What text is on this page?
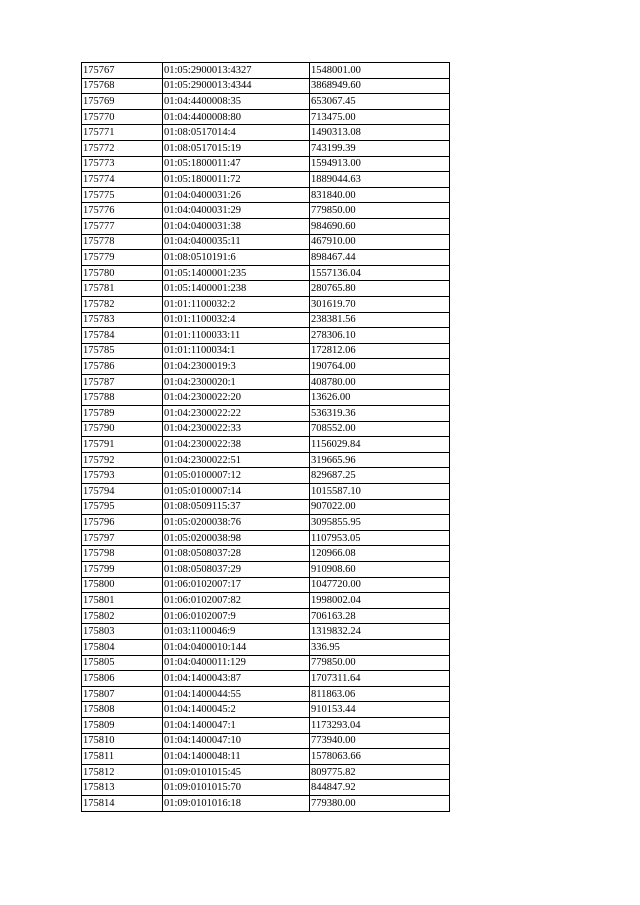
175767	01:05:2900013:4327	1548001.00
175768	01:05:2900013:4344	3868949.60
175769	01:04:4400008:35	653067.45
175770	01:04:4400008:80	713475.00
175771	01:08:0517014:4	1490313.08
175772	01:08:0517015:19	743199.39
175773	01:05:1800011:47	1594913.00
175774	01:05:1800011:72	1889044.63
175775	01:04:0400031:26	831840.00
175776	01:04:0400031:29	779850.00
175777	01:04:0400031:38	984690.60
175778	01:04:0400035:11	467910.00
175779	01:08:0510191:6	898467.44
175780	01:05:1400001:235	1557136.04
175781	01:05:1400001:238	280765.80
175782	01:01:1100032:2	301619.70
175783	01:01:1100032:4	238381.56
175784	01:01:1100033:11	278306.10
175785	01:01:1100034:1	172812.06
175786	01:04:2300019:3	190764.00
175787	01:04:2300020:1	408780.00
175788	01:04:2300022:20	13626.00
175789	01:04:2300022:22	536319.36
175790	01:04:2300022:33	708552.00
175791	01:04:2300022:38	1156029.84
175792	01:04:2300022:51	319665.96
175793	01:05:0100007:12	829687.25
175794	01:05:0100007:14	1015587.10
175795	01:08:0509115:37	907022.00
175796	01:05:0200038:76	3095855.95
175797	01:05:0200038:98	1107953.05
175798	01:08:0508037:28	120966.08
175799	01:08:0508037:29	910908.60
175800	01:06:0102007:17	1047720.00
175801	01:06:0102007:82	1998002.04
175802	01:06:0102007:9	706163.28
175803	01:03:1100046:9	1319832.24
175804	01:04:0400010:144	336.95
175805	01:04:0400011:129	779850.00
175806	01:04:1400043:87	1707311.64
175807	01:04:1400044:55	811863.06
175808	01:04:1400045:2	910153.44
175809	01:04:1400047:1	1173293.04
175810	01:04:1400047:10	773940.00
175811	01:04:1400048:11	1578063.66
175812	01:09:0101015:45	809775.82
175813	01:09:0101015:70	844847.92
175814	01:09:0101016:18	779380.00
